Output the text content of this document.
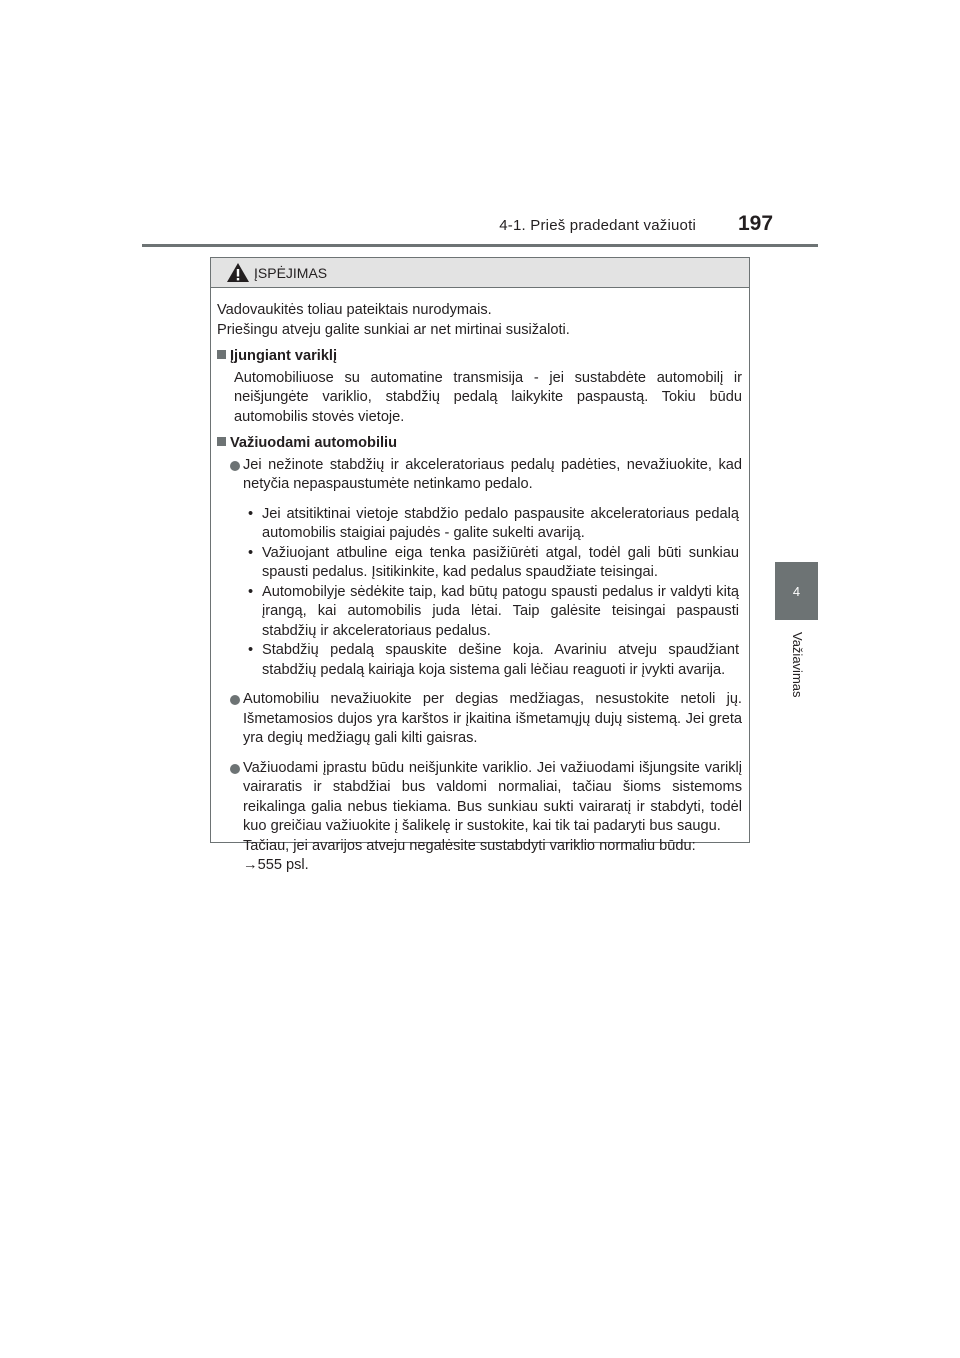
4-1. Prieš pradedant važiuoti 197
4
Važiavimas
ĮSPĖJIMAS

Vadovaukitės toliau pateiktais nurodymais.
Priešingu atveju galite sunkiai ar net mirtinai susižaloti.

Įjungiant variklį

Automobiliuose su automatine transmisija - jei sustabdėte automobilį ir neišjungėte variklio, stabdžių pedalą laikykite paspaustą. Tokiu būdu automobilis stovės vietoje.

Važiuodami automobiliu
Jei nežinote stabdžių ir akceleratoriaus pedalų padėties, nevažiuokite, kad netyčia nepaspaustumėte netinkamo pedalo.
• Jei atsitiktinai vietoje stabdžio pedalo paspausite akceleratoriaus pedalą automobilis staigiai pajudės - galite sukelti avariją.
• Važiuojant atbuline eiga tenka pasižiūrėti atgal, todėl gali būti sunkiau spausti pedalus. Įsitikinkite, kad pedalus spaudžiate teisingai.
• Automobilyje sėdėkite taip, kad būtų patogu spausti pedalus ir valdyti kitą įrangą, kai automobilis juda lėtai. Taip galėsite teisingai paspausti stabdžių ir akceleratoriaus pedalus.
• Stabdžių pedalą spauskite dešine koja. Avariniu atveju spaudžiant stabdžių pedalą kairiąja koja sistema gali lėčiau reaguoti ir įvykti avarija.
Automobiliu nevažiuokite per degias medžiagas, nesustokite netoli jų. Išmetamosios dujos yra karštos ir įkaitina išmetamųjų dujų sistemą. Jei greta yra degių medžiagų gali kilti gaisras.

Važiuodami įprastu būdu neišjunkite variklio. Jei važiuodami išjungsite variklį vairaratis ir stabdžiai bus valdomi normaliai, tačiau šioms sistemoms reikalinga galia nebus tiekiama. Bus sunkiau sukti vairaratį ir stabdyti, todėl kuo greičiau važiuokite į šalikelę ir sustokite, kai tik tai padaryti bus saugu.

Tačiau, jei avarijos atveju negalėsite sustabdyti variklio normaliu būdu:

→555 psl.
